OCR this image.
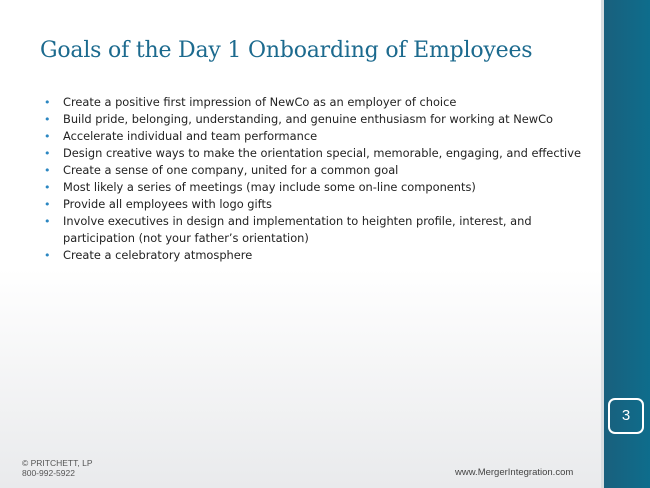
Goals of the Day 1 Onboarding of Employees
• Create a positive first impression of NewCo as an employer of choice
• Build pride, belonging, understanding, and genuine enthusiasm for working at NewCo
• Accelerate individual and team performance
• Design creative ways to make the orientation special, memorable, engaging, and effective
• Create a sense of one company, united for a common goal
• Most likely a series of meetings (may include some on-line components)
• Provide all employees with logo gifts
• Involve executives in design and implementation to heighten profile, interest, and participation (not your father’s orientation)
• Create a celebratory atmosphere
© PRITCHETT, LP
800-992-5922	www.MergerIntegration.com
3
